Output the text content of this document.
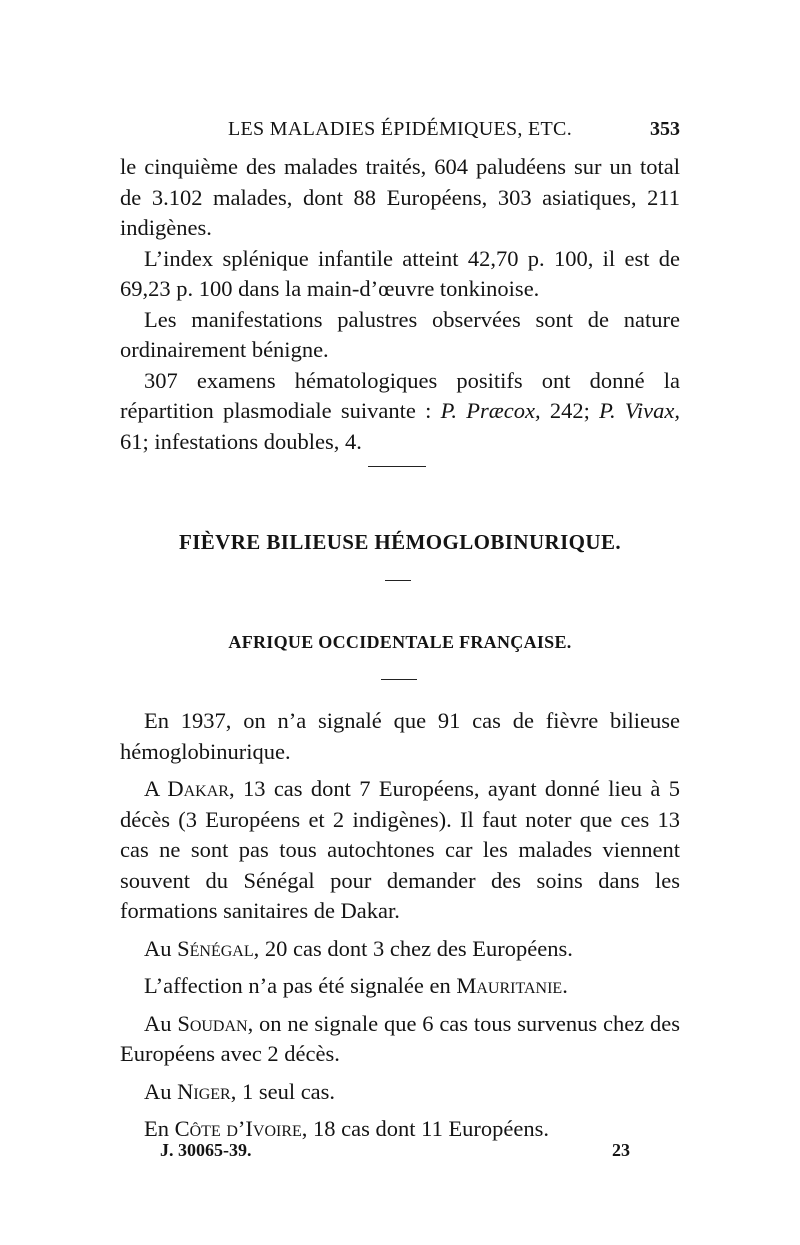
LES MALADIES ÉPIDÉMIQUES, ETC.	353

le cinquième des malades traités, 604 paludéens sur un total de 3.102 malades, dont 88 Européens, 303 asiatiques, 211 indigènes.

L’index splénique infantile atteint 42,70 p. 100, il est de 69,23 p. 100 dans la main-d’œuvre tonkinoise.

Les manifestations palustres observées sont de nature ordinairement bénigne.

307 examens hématologiques positifs ont donné la répartition plasmodiale suivante : P. Præcox, 242; P. Vivax, 61; infestations doubles, 4.

FIÈVRE BILIEUSE HÉMOGLOBINURIQUE.
AFRIQUE OCCIDENTALE FRANÇAISE.

En 1937, on n’a signalé que 91 cas de fièvre bilieuse hémoglobinurique.

A Dakar, 13 cas dont 7 Européens, ayant donné lieu à 5 décès (3 Européens et 2 indigènes). Il faut noter que ces 13 cas ne sont pas tous autochtones car les malades viennent souvent du Sénégal pour demander des soins dans les formations sanitaires de Dakar.

Au Sénégal, 20 cas dont 3 chez des Européens.

L’affection n’a pas été signalée en Mauritanie.

Au Soudan, on ne signale que 6 cas tous survenus chez des Européens avec 2 décès.

Au Niger, 1 seul cas.

En Côte d’Ivoire, 18 cas dont 11 Européens.

J. 30065-39.	23
